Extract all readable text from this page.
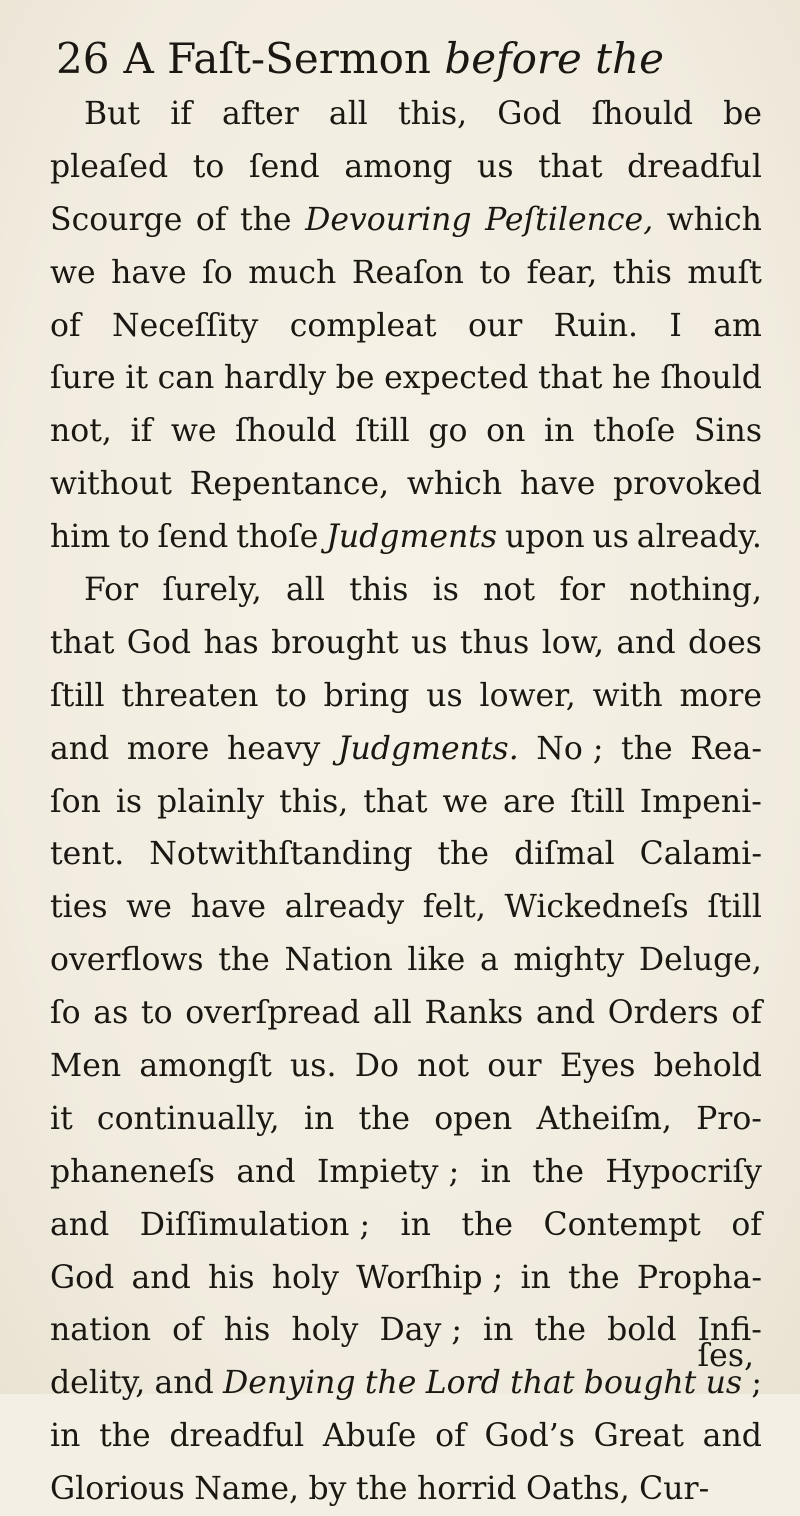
26 A Faſt-Sermon before the
But if after all this, God ſhould be
pleaſed to ſend among us that dreadful
Scourge of the Devouring Peſtilence, which
we have ſo much Reaſon to fear, this muſt
of Neceſſity compleat our Ruin. I am
ſure it can hardly be expected that he ſhould
not, if we ſhould ſtill go on in thoſe Sins
without Repentance, which have provoked
him to ſend thoſe Judgments upon us already.
For ſurely, all this is not for nothing,
that God has brought us thus low, and does
ſtill threaten to bring us lower, with more
and more heavy Judgments. No ; the Rea-
ſon is plainly this, that we are ſtill Impeni-
tent. Notwithſtanding the diſmal Calami-
ties we have already felt, Wickedneſs ſtill
overflows the Nation like a mighty Deluge,
ſo as to overſpread all Ranks and Orders of
Men amongſt us. Do not our Eyes behold
it continually, in the open Atheiſm, Pro-
phaneneſs and Impiety ; in the Hypocriſy
and Diſſimulation ; in the Contempt of
God and his holy Worſhip ; in the Propha-
nation of his holy Day ; in the bold Infi-
delity, and Denying the Lord that bought us ;
in the dreadful Abuſe of God’s Great and
Glorious Name, by the horrid Oaths, Cur-
ſes,
